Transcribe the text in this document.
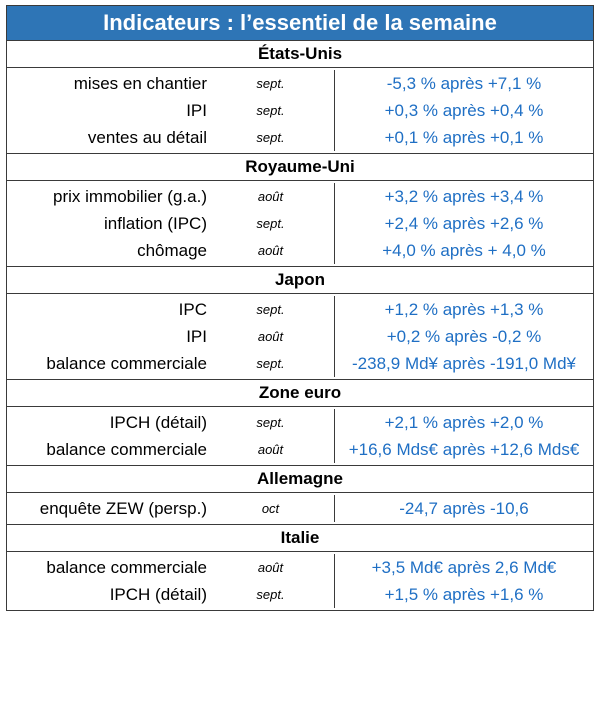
Indicateurs : l’essentiel de la semaine
États-Unis
mises en chantier	sept.	-5,3 % après +7,1 %
IPI	sept.	+0,3 % après +0,4 %
ventes au détail	sept.	+0,1 % après +0,1 %
Royaume-Uni
prix immobilier (g.a.)	août	+3,2 % après +3,4 %
inflation (IPC)	sept.	+2,4 % après +2,6 %
chômage	août	+4,0 % après + 4,0 %
Japon
IPC	sept.	+1,2 % après +1,3 %
IPI	août	+0,2 % après -0,2 %
balance commerciale	sept.	-238,9 Md¥ après -191,0 Md¥
Zone euro
IPCH (détail)	sept.	+2,1 % après +2,0 %
balance commerciale	août	+16,6 Mds€ après +12,6 Mds€
Allemagne
enquête ZEW (persp.)	oct	-24,7 après -10,6
Italie
balance commerciale	août	+3,5 Md€ après 2,6 Md€
IPCH (détail)	sept.	+1,5 % après +1,6 %
